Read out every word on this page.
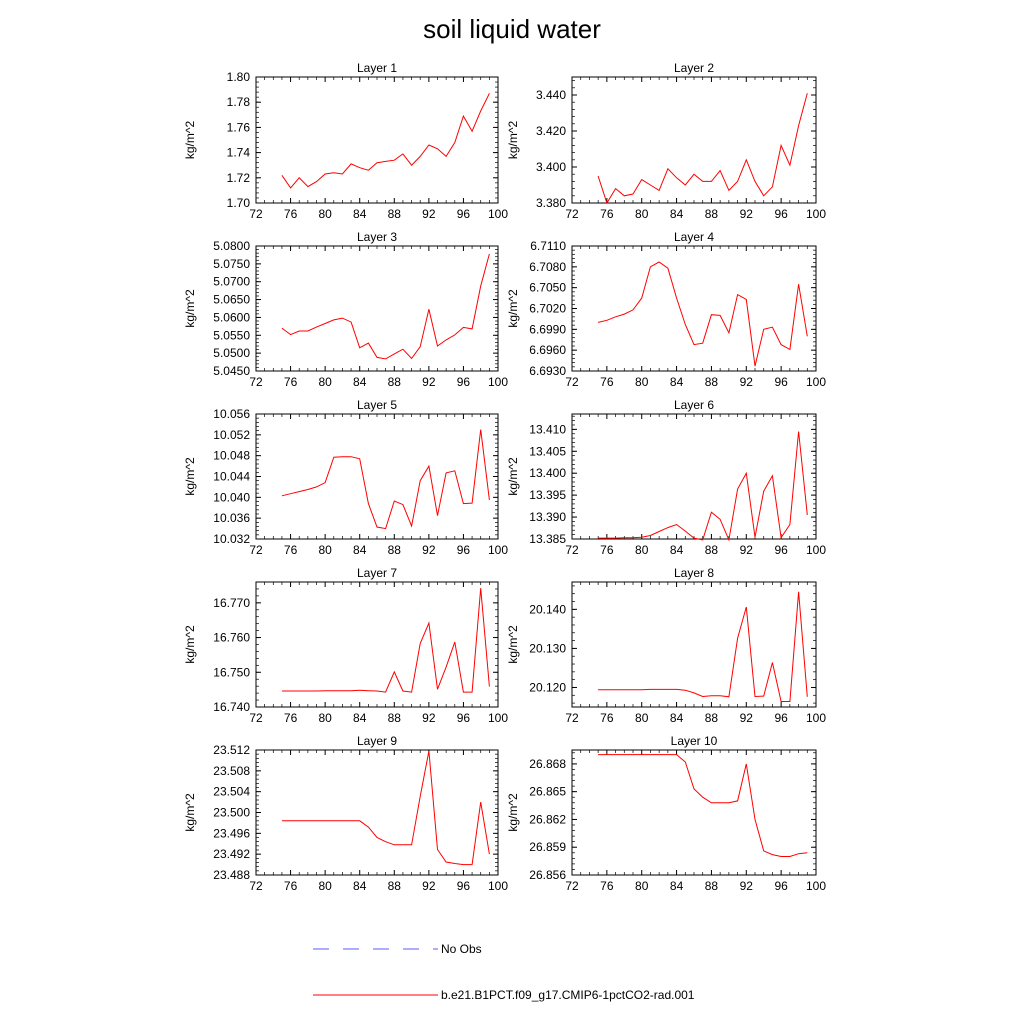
soil liquid water
72 76 80 84 88 92 96 100
1.70
1.72
1.74
1.76
1.78
1.80
Layer 1
kg/m^2
72 76 80 84 88 92 96 100
3.380
3.400
3.420
3.440
Layer 2
kg/m^2
72 76 80 84 88 92 96 100
5.0450
5.0500
5.0550
5.0600
5.0650
5.0700
5.0750
5.0800
Layer 3
kg/m^2
72 76 80 84 88 92 96 100
6.6930
6.6960
6.6990
6.7020
6.7050
6.7080
6.7110
Layer 4
kg/m^2
72 76 80 84 88 92 96 100
10.032
10.036
10.040
10.044
10.048
10.052
10.056
Layer 5
kg/m^2
72 76 80 84 88 92 96 100
13.385
13.390
13.395
13.400
13.405
13.410
Layer 6
kg/m^2
72 76 80 84 88 92 96 100
16.740
16.750
16.760
16.770
Layer 7
kg/m^2
72 76 80 84 88 92 96 100
20.120
20.130
20.140
Layer 8
kg/m^2
72 76 80 84 88 92 96 100
23.488
23.492
23.496
23.500
23.504
23.508
23.512
Layer 9
kg/m^2
72 76 80 84 88 92 96 100
26.856
26.859
26.862
26.865
26.868
Layer 10
kg/m^2
No Obs
b.e21.B1PCT.f09_g17.CMIP6-1pctCO2-rad.001
